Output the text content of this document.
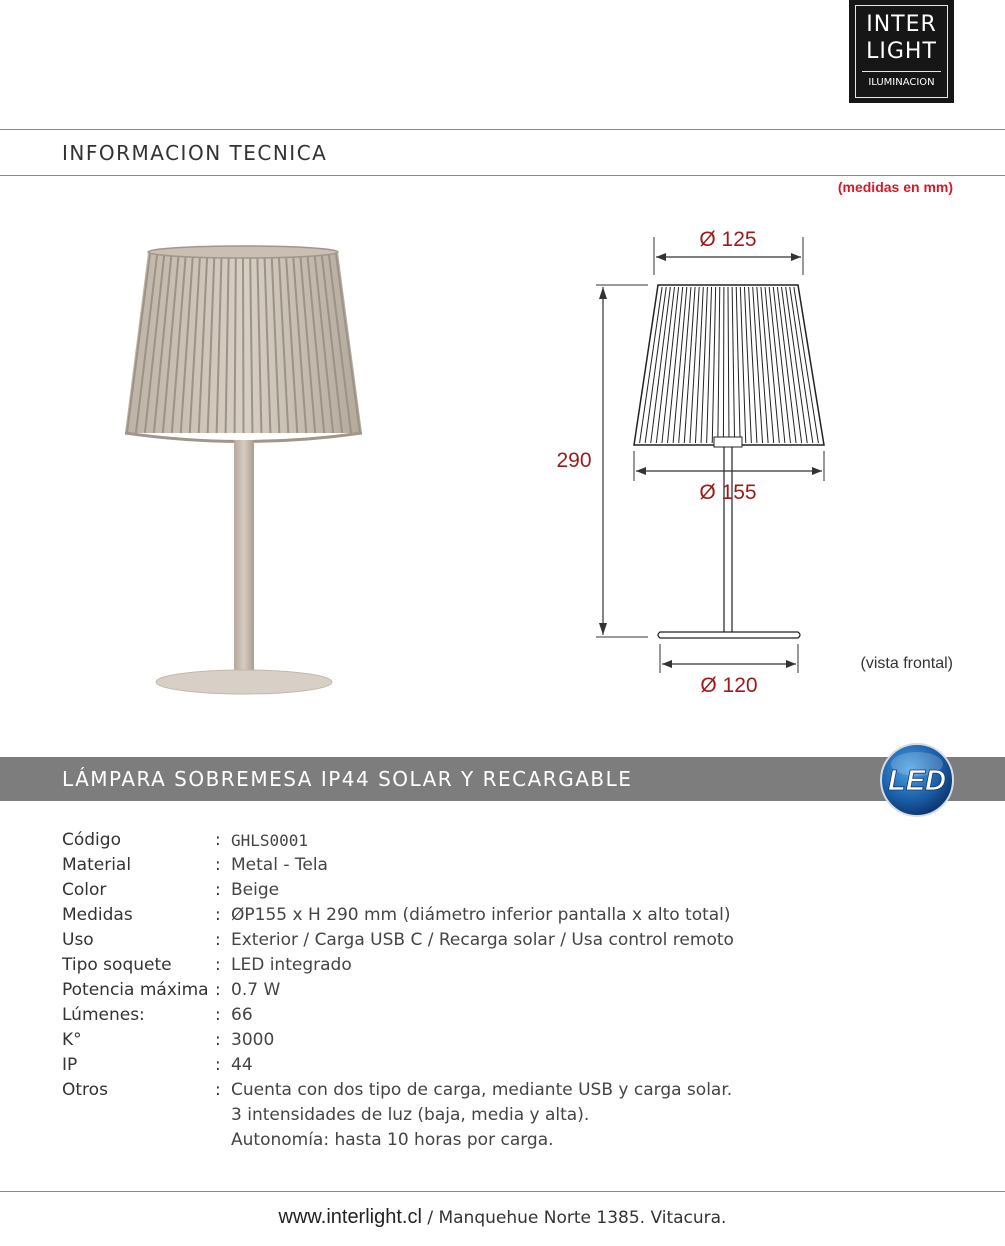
INTER
LIGHT
ILUMINACION
INFORMACION TECNICA
(medidas en mm)
Ø 125
290
Ø 155
Ø 120
(vista frontal)
LÁMPARA SOBREMESA IP44 SOLAR Y RECARGABLE	LED
Código	: GHLS0001
Material	: Metal - Tela
Color	: Beige
Medidas	: ØP155 x H 290 mm (diámetro inferior pantalla x alto total)
Uso	: Exterior / Carga USB C / Recarga solar / Usa control remoto
Tipo soquete	: LED integrado
Potencia máxima : 0.7 W
Lúmenes:	: 66
K°	: 3000
IP	: 44
Otros	: Cuenta con dos tipo de carga, mediante USB y carga solar.
3 intensidades de luz (baja, media y alta).
Autonomía: hasta 10 horas por carga.
www.interlight.cl / Manquehue Norte 1385. Vitacura.
